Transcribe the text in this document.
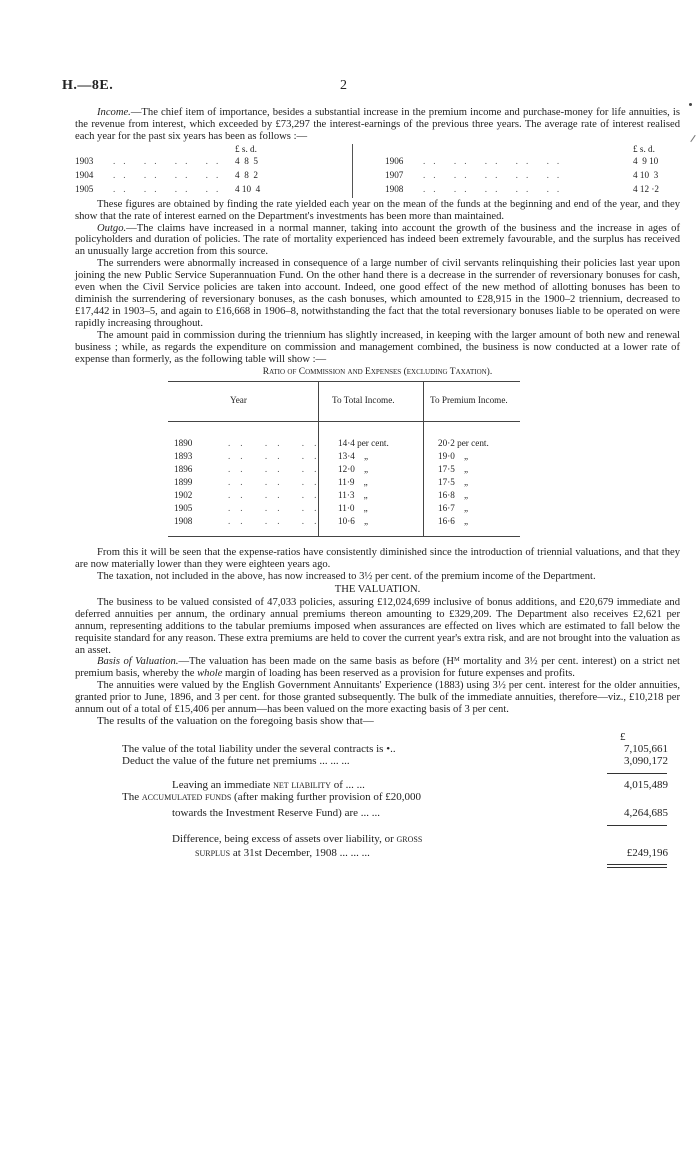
H.—8E.	2

Income.—The chief item of importance, besides a substantial increase in the premium income and purchase-money for life annuities, is the revenue from interest, which exceeded by £73,297 the interest-earnings of the previous three years. The average rate of interest realised each year for the past six years has been as follows :—

£ s. d.
1903 .. .. .. .. 4  8  5
1904 .. .. .. .. 4  8  2
1905 .. .. .. .. 4 10  4
£ s. d.
1906 .. .. .. .. ..	4  9 10
1907 .. .. .. .. ..	4 10  3
1908 .. .. .. .. ..	4 12 ·2

These figures are obtained by finding the rate yielded each year on the mean of the funds at the beginning and end of the year, and they show that the rate of interest earned on the Department's investments has been more than maintained.

Outgo.—The claims have increased in a normal manner, taking into account the growth of the business and the increase in ages of policyholders and duration of policies. The rate of mortality experienced has indeed been extremely favourable, and the surplus has received an unusually large accretion from this source.

The surrenders were abnormally increased in consequence of a large number of civil servants relinquishing their policies last year upon joining the new Public Service Superannuation Fund. On the other hand there is a decrease in the surrender of reversionary bonuses for cash, even when the Civil Service policies are taken into account. Indeed, one good effect of the new method of allotting bonuses has been to diminish the surrendering of reversionary bonuses, as the cash bonuses, which amounted to £28,915 in the 1900–2 triennium, decreased to £17,442 in 1903–5, and again to £16,668 in 1906–8, notwithstanding the fact that the total reversionary bonuses liable to be operated on were rapidly increasing throughout.

The amount paid in commission during the triennium has slightly increased, in keeping with the larger amount of both new and renewal business ; while, as regards the expenditure on commission and management combined, the business is now conducted at a lower rate of expense than formerly, as the following table will show :—

Ratio of Commission and Expenses (excluding Taxation).
Year	To Total Income.	To Premium Income.
1890	.. .. .. 14·4 per cent.	20·2 per cent.
1893	.. .. .. 13·4    „	19·0    „
1896	.. .. .. 12·0    „	17·5    „
1899	.. .. .. 11·9    „	17·5    „
1902	.. .. .. 11·3    „	16·8    „
1905	.. .. .. 11·0    „	16·7    „
1908	.. .. .. 10·6    „	16·6    „

From this it will be seen that the expense-ratios have consistently diminished since the introduction of triennial valuations, and that they are now materially lower than they were eighteen years ago.

The taxation, not included in the above, has now increased to 3½ per cent. of the premium income of the Department.

THE VALUATION.

The business to be valued consisted of 47,033 policies, assuring £12,024,699 inclusive of bonus additions, and £20,679 immediate and deferred annuities per annum, the ordinary annual premiums thereon amounting to £329,209. The Department also receives £2,621 per annum, representing additions to the tabular premiums imposed when assurances are effected on lives which are estimated to fall below the requisite standard for any reason. These extra premiums are held to cover the current year's extra risk, and are not brought into the valuation as an asset.

Basis of Valuation.—The valuation has been made on the same basis as before (Hᴹ mortality and 3½ per cent. interest) on a strict net premium basis, whereby the whole margin of loading has been reserved as a provision for future expenses and profits.

The annuities were valued by the English Government Annuitants' Experience (1883) using 3½ per cent. interest for the older annuities, granted prior to June, 1896, and 3 per cent. for those granted subsequently. The bulk of the immediate annuities, therefore—viz., £10,218 per annum out of a total of £15,406 per annum—has been valued on the more exacting basis of 3 per cent.

The results of the valuation on the foregoing basis show that—

£
The value of the total liability under the several contracts is •..	7,105,661
Deduct the value of the future net premiums ... ... ...	3,090,172
Leaving an immediate net liability of ... ...	4,015,489
The accumulated funds (after making further provision of £20,000
towards the Investment Reserve Fund) are ... ...	4,264,685
Difference, being excess of assets over liability, or gross
surplus at 31st December, 1908 ... ... ...	£249,196
